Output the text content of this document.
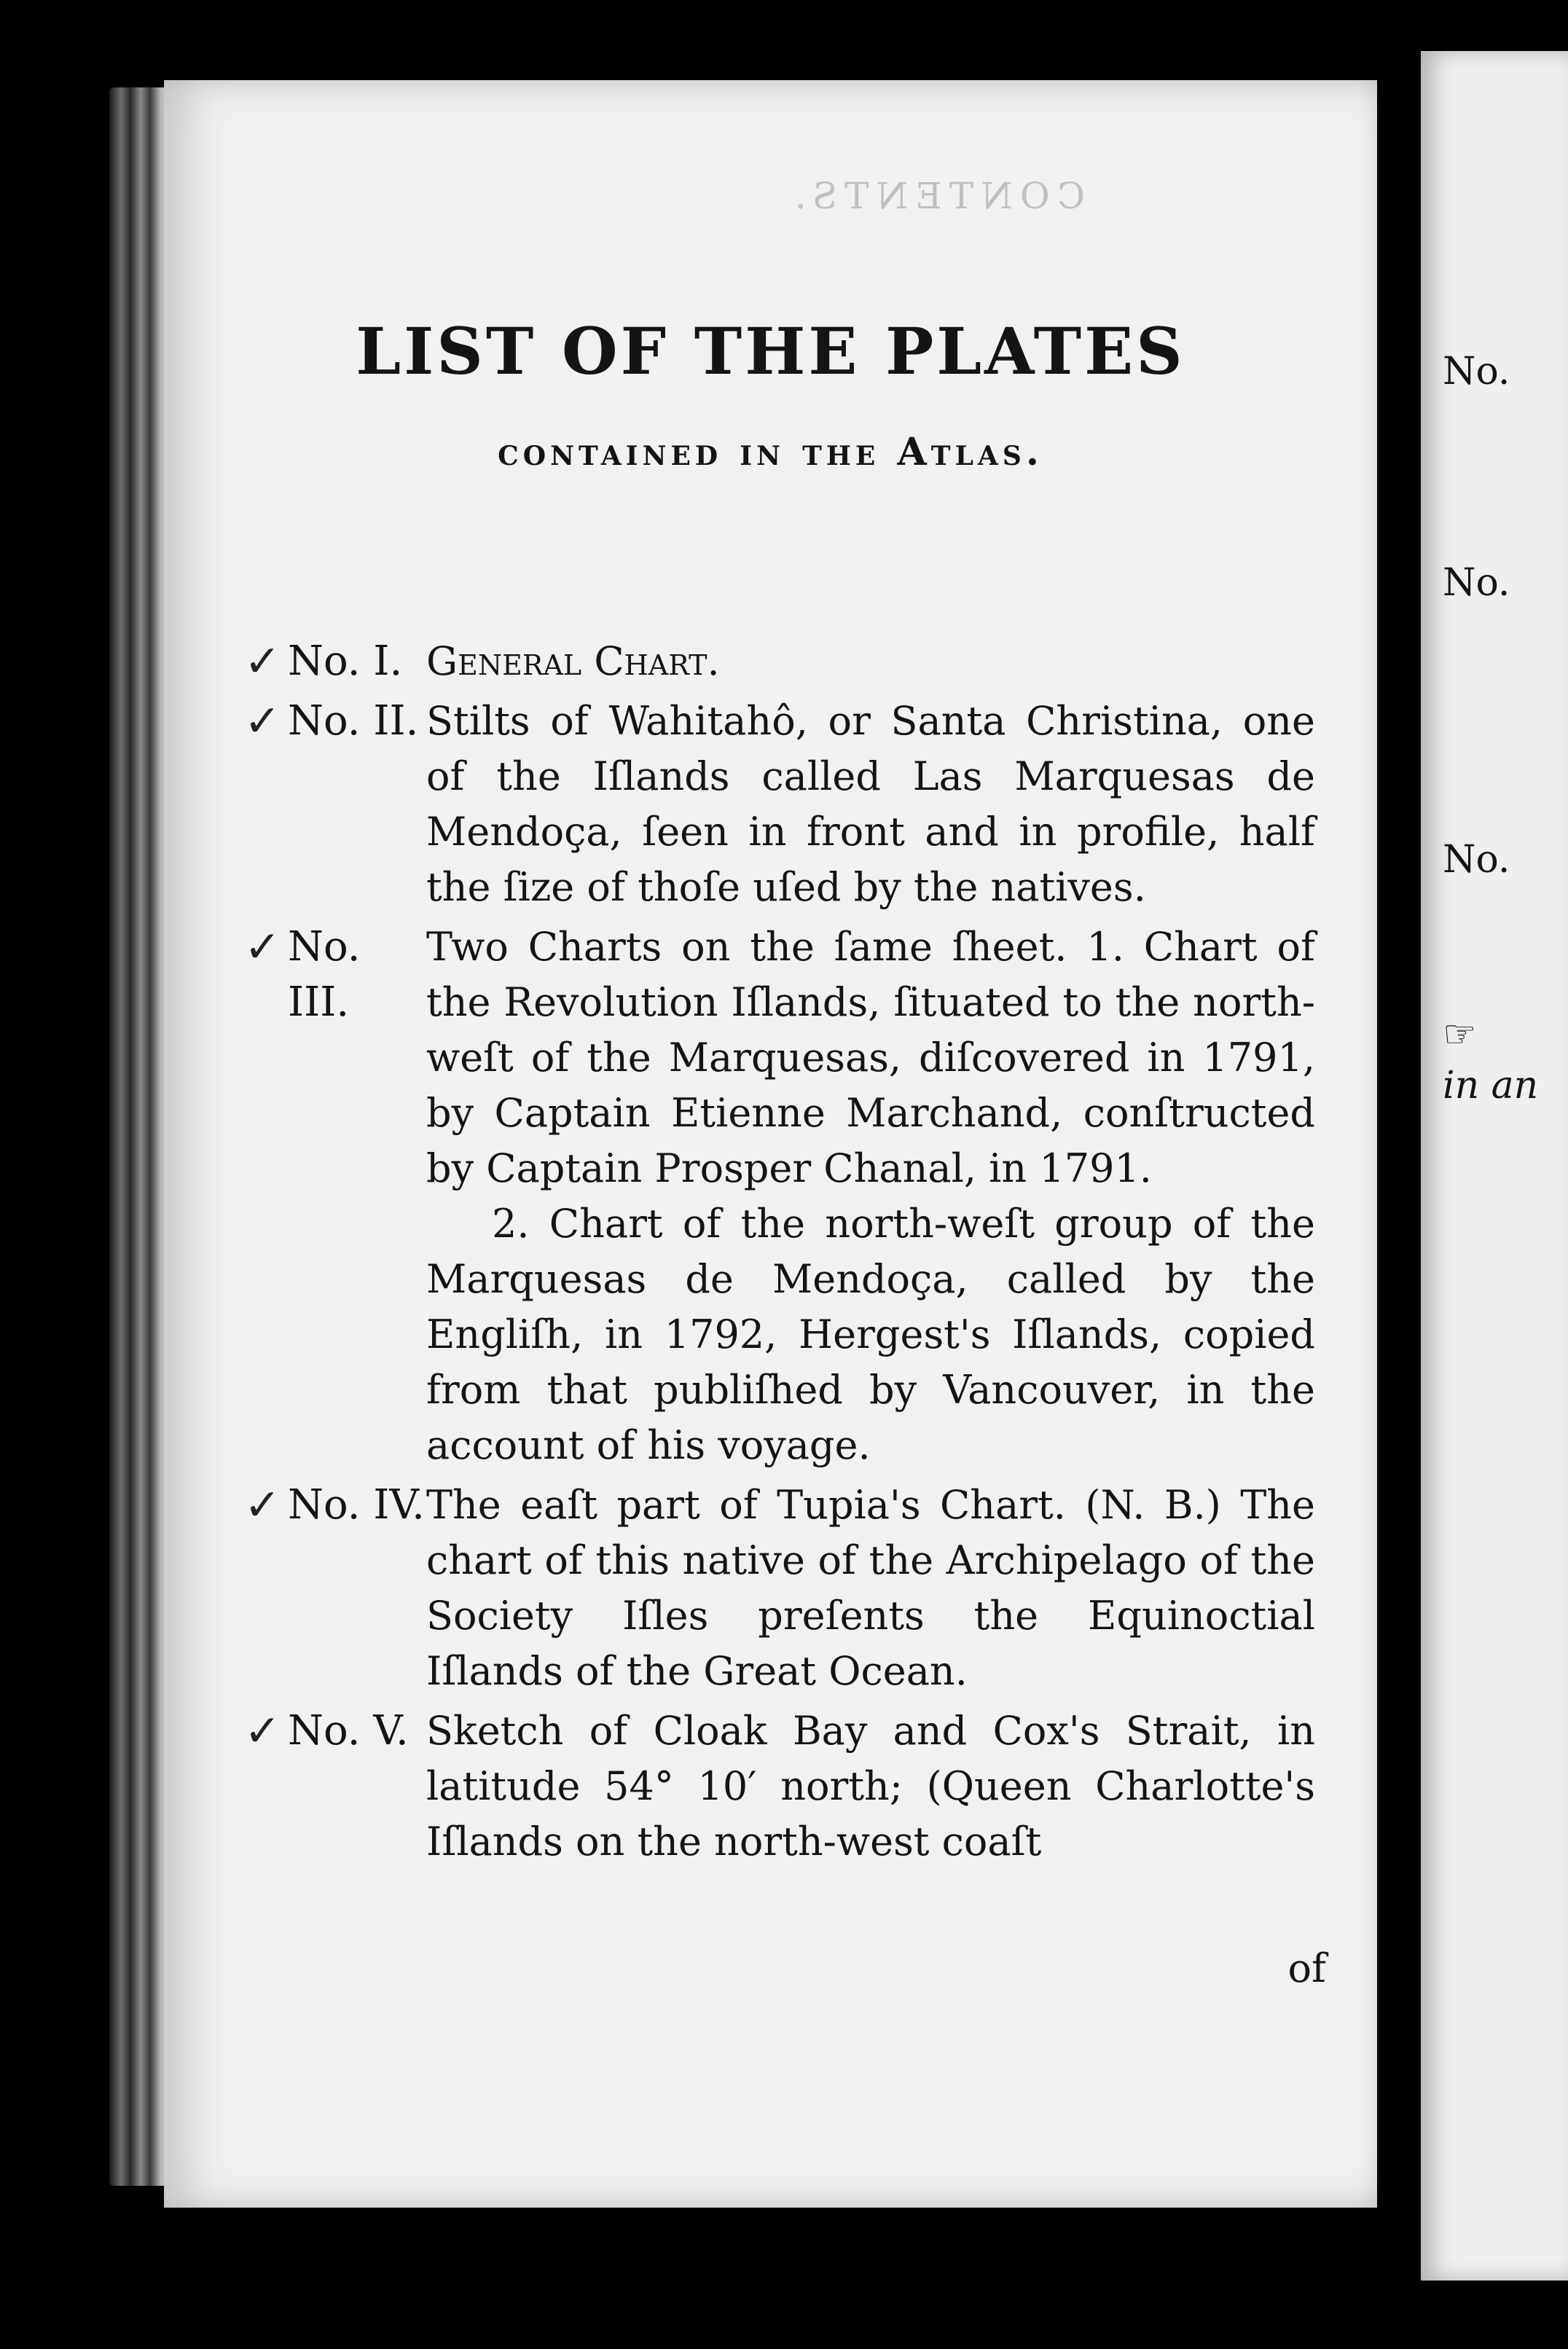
CONTENTS.
LIST OF THE PLATES
contained in the Atlas.
✓ No. I. General Chart.
✓ No. II. Stilts of Wahitahô, or Santa Christina, one of the Iſlands called Las Marquesas de Mendoça, ſeen in front and in profile, half the ſize of thoſe uſed by the natives.
✓ No. III.Two Charts on the ſame ſheet. 1. Chart of the Revolution Iſlands, ſituated to the north-weſt of the Marquesas, diſcovered in 1791, by Captain Etienne Marchand, conſtructed by Captain Prosper Chanal, in 1791.
2. Chart of the north-weſt group of the Marquesas de Mendoça, called by the Engliſh, in 1792, Hergest's Iſlands, copied from that publiſhed by Vancouver, in the account of his voyage.
✓ No. IV.The eaſt part of Tupia's Chart. (N. B.) The chart of this native of the Archipelago of the Society Iſles preſents the Equinoctial Iſlands of the Great Ocean.
✓ No. V. Sketch of Cloak Bay and Cox's Strait, in latitude 54° 10′ north; (Queen Charlotte's Iſlands on the north-west coaſt
of
No.
No.
No.
☞
in an
